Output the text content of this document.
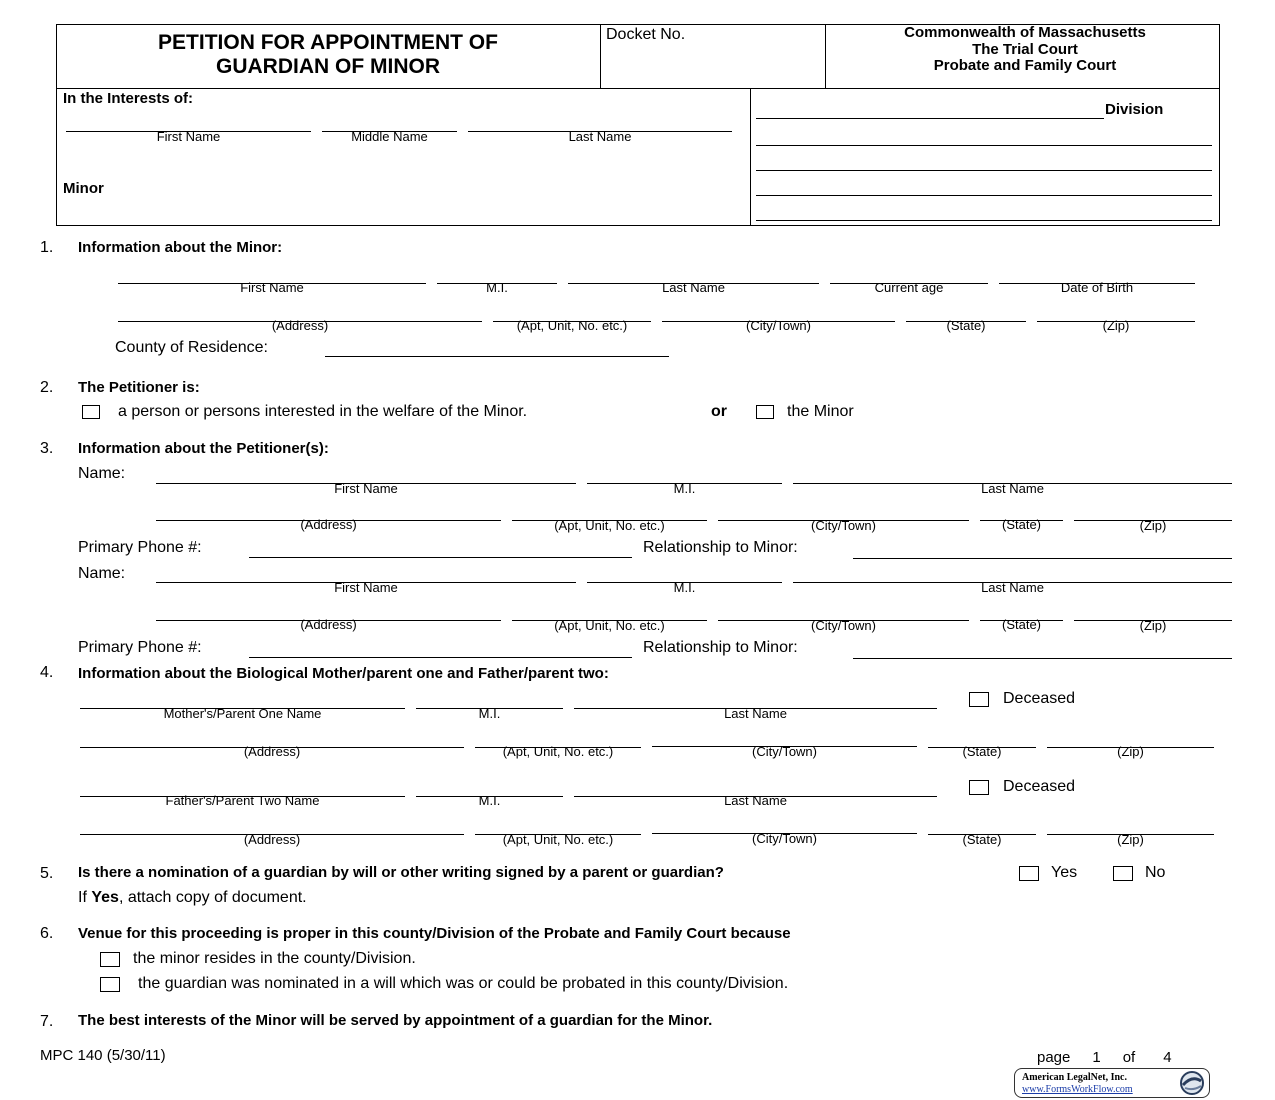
PETITION FOR APPOINTMENT OF
GUARDIAN OF MINOR
Docket No.	Commonwealth of Massachusetts
The Trial Court
Probate and Family Court
In the Interests of:
First Name	Middle Name	Last Name
Minor
Division
1. Information about the Minor:
First Name	M.I.	Last Name	Current age	Date of Birth
(Address)	(Apt, Unit, No. etc.)	(City/Town)	(State)	(Zip)
County of Residence:
2. The Petitioner is:
a person or persons interested in the welfare of the Minor.	or	the Minor
3. Information about the Petitioner(s):
Name:
First Name	M.I.	Last Name
(Address)	(Apt, Unit, No. etc.)	(City/Town)	(State)	(Zip)
Primary Phone #:	Relationship to Minor:
Name:
First Name	M.I.	Last Name
(Address)	(Apt, Unit, No. etc.)	(City/Town)	(State)	(Zip)
Primary Phone #:	Relationship to Minor:
4. Information about the Biological Mother/parent one and Father/parent two:
Mother's/Parent One Name	M.I.	Last Name
Deceased
(Address)	(Apt, Unit, No. etc.)	(City/Town)	(State)	(Zip)
Father's/Parent Two Name	M.I.	Last Name
Deceased
(Address)	(Apt, Unit, No. etc.)	(City/Town)	(State)	(Zip)
5. Is there a nomination of a guardian by will or other writing signed by a parent or guardian?	Yes	No
If Yes, attach copy of document.
6. Venue for this proceeding is proper in this county/Division of the Probate and Family Court because
the minor resides in the county/Division.
the guardian was nominated in a will which was or could be probated in this county/Division.
7. The best interests of the Minor will be served by appointment of a guardian for the Minor.
MPC 140 (5/30/11)	page 1 of 4
American LegalNet, Inc.
www.FormsWorkFlow.com
